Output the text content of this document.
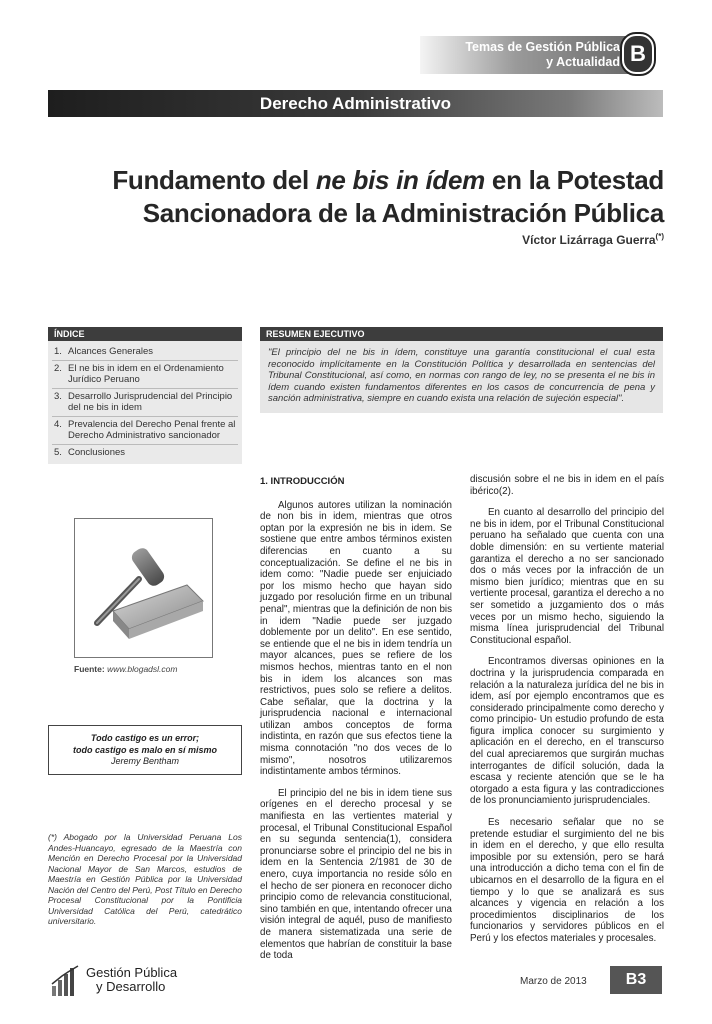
Temas de Gestión Pública
y Actualidad B
Derecho Administrativo
Fundamento del ne bis in ídem en la Potestad
Sancionadora de la Administración Pública
Víctor Lizárraga Guerra(*)
ÍNDICE
1. Alcances Generales
2. El ne bis in idem en el Ordenamiento Jurídico Peruano
3. Desarrollo Jurisprudencial del Principio del ne bis in idem
4. Prevalencia del Derecho Penal frente al Derecho Administrativo sancionador
5. Conclusiones
RESUMEN EJECUTIVO
"El principio del ne bis in ídem, constituye una garantía constitucional el cual esta reconocido implícitamente en la Constitución Política y desarrollada en sentencias del Tribunal Constitucional, así como, en normas con rango de ley, no se presenta el ne bis in ídem cuando existen fundamentos diferentes en los casos de concurrencia de pena y sanción administrativa, siempre en cuando exista una relación de sujeción especial".
Fuente: www.blogadsl.com
Todo castigo es un error;
todo castigo es malo en sí mismo
Jeremy Bentham
(*) Abogado por la Universidad Peruana Los Andes-Huancayo, egresado de la Maestría con Mención en Derecho Procesal por la Universidad Nacional Mayor de San Marcos, estudios de Maestría en Gestión Pública por la Universidad Nación del Centro del Perú, Post Título en Derecho Procesal Constitucional por la Pontificia Universidad Católica del Perú, catedrático universitario.
1. INTRODUCCIÓN

Algunos autores utilizan la nominación de non bis in idem, mientras que otros optan por la expresión ne bis in idem. Se sostiene que entre ambos términos existen diferencias en cuanto a su conceptualización. Se define el ne bis in idem como: "Nadie puede ser enjuiciado por los mismo hecho que hayan sido juzgado por resolución firme en un tribunal penal", mientras que la definición de non bis in idem "Nadie puede ser juzgado doblemente por un delito". En ese sentido, se entiende que el ne bis in idem tendría un mayor alcances, pues se refiere de los mismos hechos, mientras tanto en el non bis in idem los alcances son mas restrictivos, pues solo se refiere a delitos. Cabe señalar, que la doctrina y la jurisprudencia nacional e internacional utilizan ambos conceptos de forma indistinta, en razón que sus efectos tiene la misma connotación "no dos veces de lo mismo", nosotros utilizaremos indistintamente ambos términos.

El principio del ne bis in idem tiene sus orígenes en el derecho procesal y se manifiesta en las vertientes material y procesal, el Tribunal Constitucional Español en su segunda sentencia(1), considera pronunciarse sobre el principio del ne bis in idem en la Sentencia 2/1981 de 30 de enero, cuya importancia no reside sólo en el hecho de ser pionera en reconocer dicho principio como de relevancia constitucional, sino también en que, intentando ofrecer una visión integral de aquél, puso de manifiesto de manera sistematizada una serie de elementos que habrían de constituir la base de toda

discusión sobre el ne bis in idem en el país ibérico(2).

En cuanto al desarrollo del principio del ne bis in idem, por el Tribunal Constitucional peruano ha señalado que cuenta con una doble dimensión: en su vertiente material garantiza el derecho a no ser sancionado dos o más veces por la infracción de un mismo bien jurídico; mientras que en su vertiente procesal, garantiza el derecho a no ser sometido a juzgamiento dos o más veces por un mismo hecho, siguiendo la misma línea jurisprudencial del Tribunal Constitucional español.

Encontramos diversas opiniones en la doctrina y la jurisprudencia comparada en relación a la naturaleza jurídica del ne bis in idem, así por ejemplo encontramos que es considerado principalmente como derecho y como principio- Un estudio profundo de esta figura implica conocer su surgimiento y aplicación en el derecho, en el transcurso del cual apreciaremos que surgirán muchas interrogantes de difícil solución, dada la escasa y reciente atención que se le ha otorgado a esta figura y las contradicciones de los pronunciamiento jurisprudenciales.

Es necesario señalar que no se pretende estudiar el surgimiento del ne bis in idem en el derecho, y que ello resulta imposible por su extensión, pero se hará una introducción a dicho tema con el fin de ubicarnos en el desarrollo de la figura en el tiempo y lo que se analizará es sus alcances y vigencia en relación a los procedimientos disciplinarios de los funcionarios y servidores públicos en el Perú y los efectos materiales y procesales.

Gestión Pública
y Desarrollo	Marzo de 2013	B3
